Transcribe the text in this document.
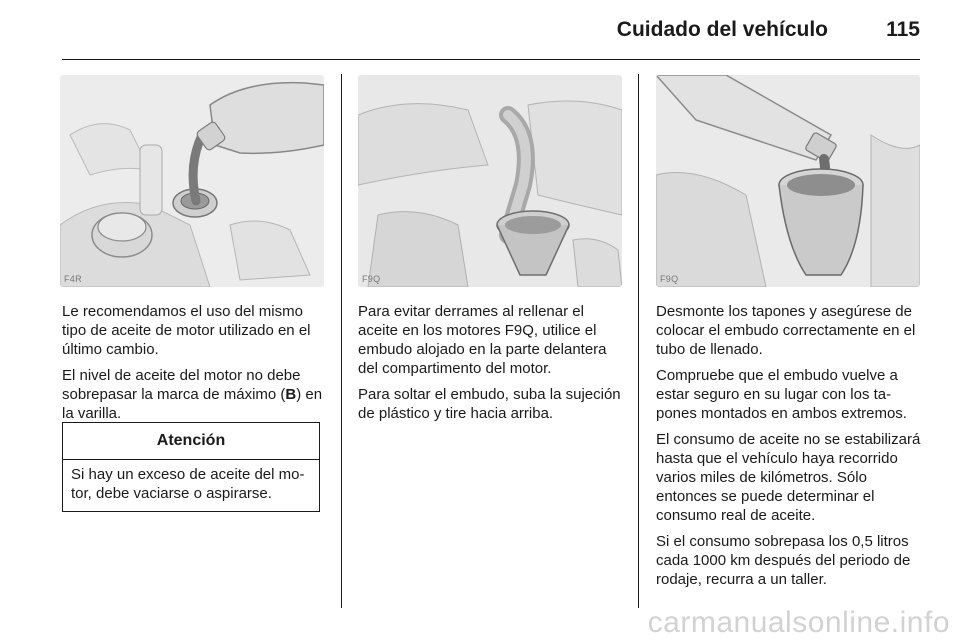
Cuidado del vehículo	115
F4R	F9Q	F9Q

Le recomendamos el uso del mismo tipo de aceite de motor utilizado en el último cambio.

El nivel de aceite del motor no debe sobrepasar la marca de máximo (B) en la varilla.

Atención
Si hay un exceso de aceite del motor, debe vaciarse o aspirarse.

Para evitar derrames al rellenar el aceite en los motores F9Q, utilice el embudo alojado en la parte delantera del compartimento del motor.

Para soltar el embudo, suba la sujeción de plástico y tire hacia arriba.

Desmonte los tapones y asegúrese de colocar el embudo correctamente en el tubo de llenado.

Compruebe que el embudo vuelve a estar seguro en su lugar con los tapones montados en ambos extremos.

El consumo de aceite no se estabilizará hasta que el vehículo haya recorrido varios miles de kilómetros. Sólo entonces se puede determinar el consumo real de aceite.

Si el consumo sobrepasa los 0,5 litros cada 1000 km después del periodo de rodaje, recurra a un taller.

carmanualsonline.info
